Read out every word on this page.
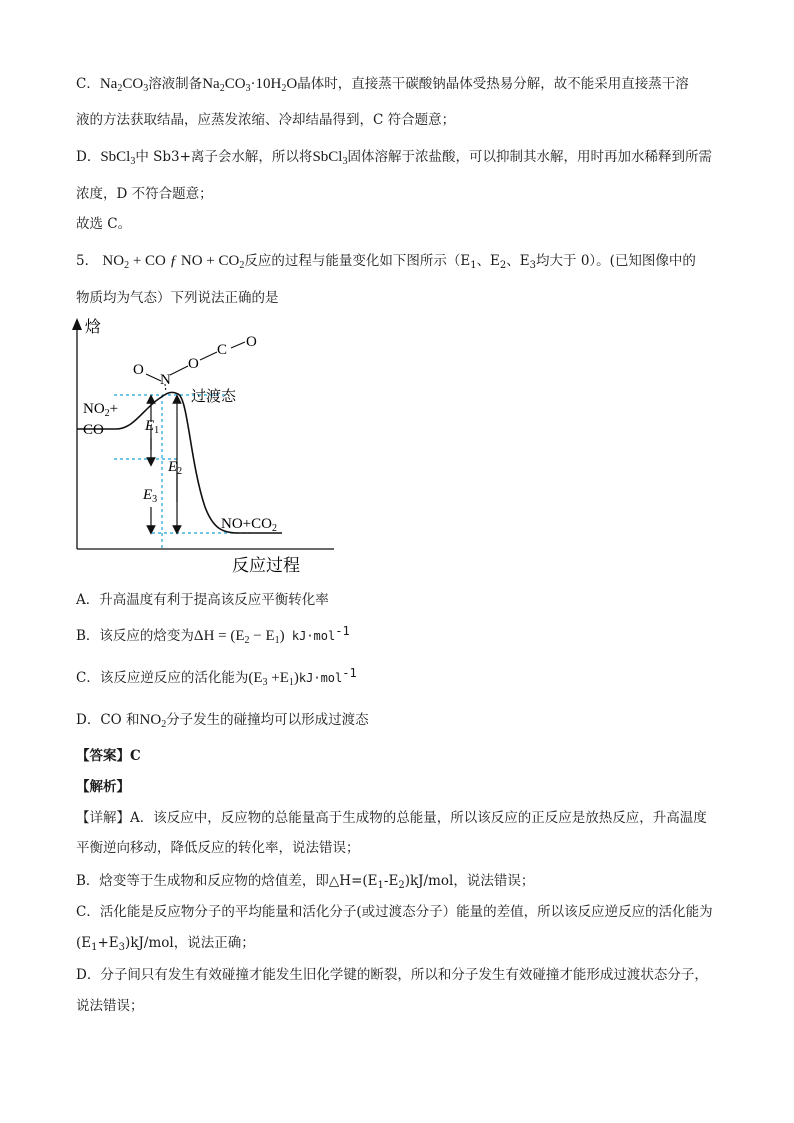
C．$Na_2CO_3$溶液制备$Na_2CO_3\cdot 10H_2O$晶体时，直接蒸干碳酸钠晶体受热易分解，故不能采用直接蒸干溶
液的方法获取结晶，应蒸发浓缩、冷却结晶得到，C 符合题意；
D．SbCl$_3$中 Sb3+离子会水解，所以将SbCl$_3$固体溶解于浓盐酸，可以抑制其水解，用时再加水稀释到所需
浓度，D 不符合题意；
故选 C。
5． $NO_2$ + CO ƒ NO + $CO_2$反应的过程与能量变化如下图所示（$E_1$、$E_2$、$E_3$均大于 0）。(已知图像中的
物质均为气态）下列说法正确的是
焓
反应过程
$E_1$
$E_2$
$E_3$
$NO_2+$
CO
$NO+CO_2$
过渡态
O
N
O
C O
A．升高温度有利于提高该反应平衡转化率
B．该反应的焓变为$\Delta H = (E_2 - E_1)$ kJ·mol$^{-1}$
C．该反应逆反应的活化能为$(E_3 +E_1)kJ\cdot mol^{-1}$
D．CO 和$NO_2$分子发生的碰撞均可以形成过渡态
【答案】C
【解析】
【详解】A．该反应中，反应物的总能量高于生成物的总能量，所以该反应的正反应是放热反应，升高温度
平衡逆向移动，降低反应的转化率，说法错误；
B．焓变等于生成物和反应物的焓值差，即$\triangle H=(E_1-E_2)kJ$/mol，说法错误；
C．活化能是反应物分子的平均能量和活化分子(或过渡态分子）能量的差值，所以该反应逆反应的活化能为
$(E_1+E_3)kJ$/mol，说法正确；
D．分子间只有发生有效碰撞才能发生旧化学键的断裂，所以和分子发生有效碰撞才能形成过渡状态分子，
说法错误；
